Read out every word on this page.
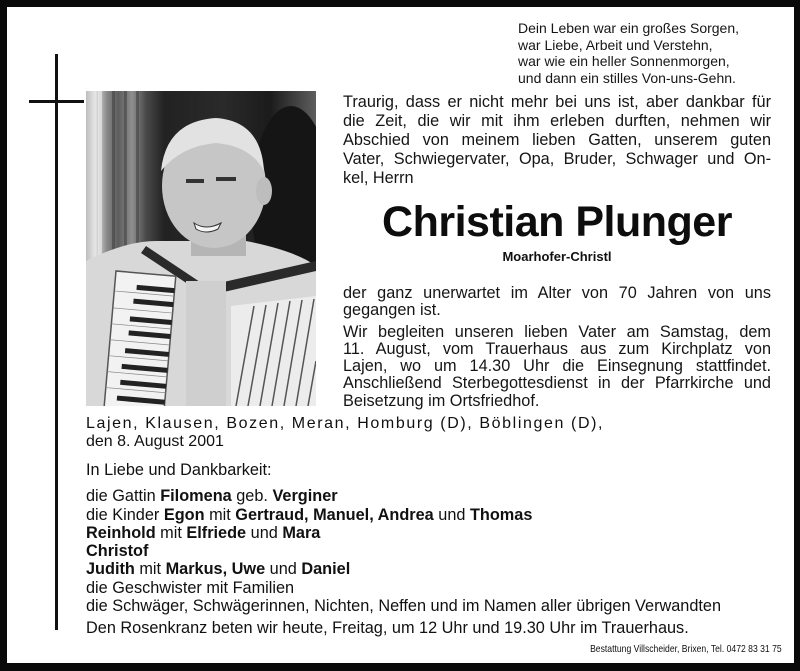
Dein Leben war ein großes Sorgen,
war Liebe, Arbeit und Verstehn,
war wie ein heller Sonnenmorgen,
und dann ein stilles Von-uns-Gehn.
Traurig, dass er nicht mehr bei uns ist, aber dankbar für
die Zeit, die wir mit ihm erleben durften, nehmen wir
Abschied von meinem lieben Gatten, unserem guten
Vater, Schwiegervater, Opa, Bruder, Schwager und On-
kel, Herrn
Christian Plunger
Moarhofer-Christl
der ganz unerwartet im Alter von 70 Jahren von uns
gegangen ist.
Wir begleiten unseren lieben Vater am Samstag, dem
11. August, vom Trauerhaus aus zum Kirchplatz von
Lajen, wo um 14.30 Uhr die Einsegnung stattfindet.
Anschließend Sterbegottesdienst in der Pfarrkirche und
Beisetzung im Ortsfriedhof.
Lajen, Klausen, Bozen, Meran, Homburg (D), Böblingen (D),
den 8. August 2001
In Liebe und Dankbarkeit:
die Gattin Filomena geb. Verginer
die Kinder Egon mit Gertraud, Manuel, Andrea und Thomas
Reinhold mit Elfriede und Mara
Christof
Judith mit Markus, Uwe und Daniel
die Geschwister mit Familien
die Schwäger, Schwägerinnen, Nichten, Neffen und im Namen aller übrigen Verwandten
Den Rosenkranz beten wir heute, Freitag, um 12 Uhr und 19.30 Uhr im Trauerhaus.
Bestattung Villscheider, Brixen, Tel. 0472 83 31 75
